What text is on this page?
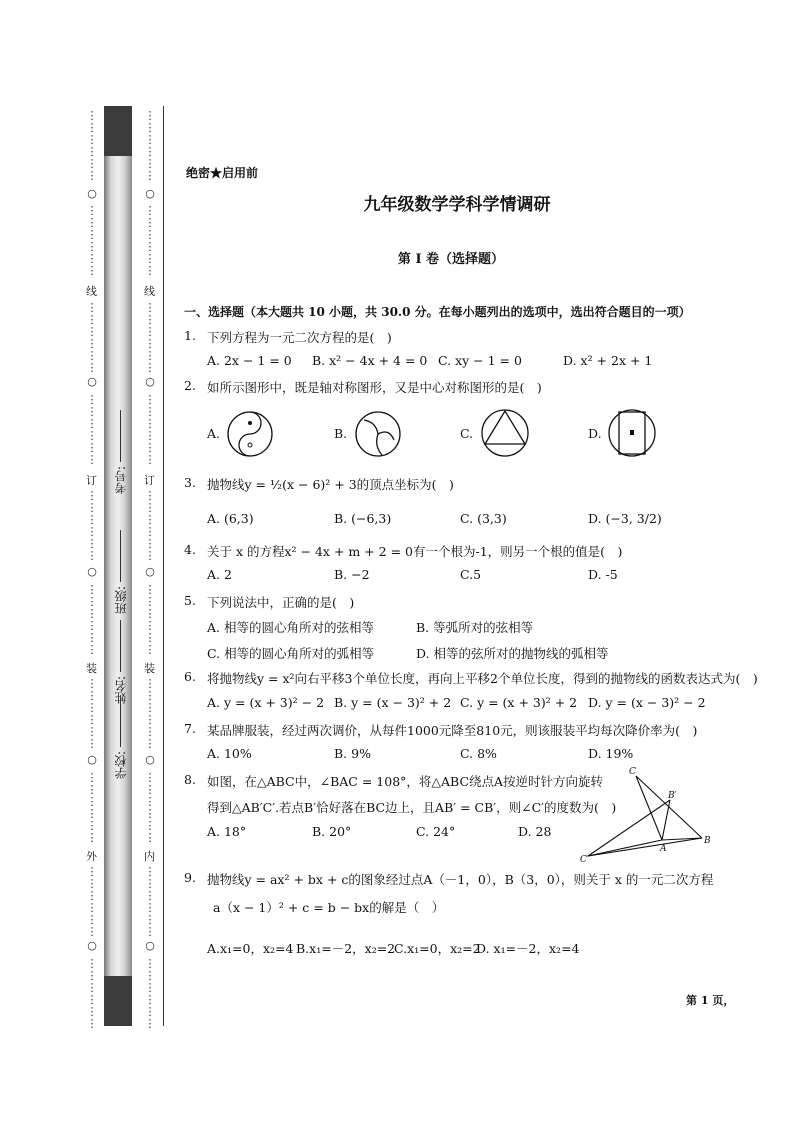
⋮
⋮
⋮
⋮
⋮
⋮
○
⋮
⋮
⋮
⋮
⋮
⋮
线
⋮
⋮
⋮
⋮
⋮
⋮
○
⋮
⋮
⋮
⋮
⋮
⋮
订
⋮
⋮
⋮
⋮
⋮
⋮
○
⋮
⋮
⋮
⋮
⋮
⋮
装
⋮
⋮
⋮
⋮
⋮
⋮
○
⋮
⋮
⋮
⋮
⋮
⋮
外
⋮
⋮
⋮
⋮
⋮
⋮
○
⋮
⋮
⋮
⋮
⋮
⋮
⋮
⋮
⋮
⋮
⋮
⋮
○
⋮
⋮
⋮
⋮
⋮
⋮
线
⋮
⋮
⋮
⋮
⋮
⋮
○
⋮
⋮
⋮
⋮
⋮
⋮
订
⋮
⋮
⋮
⋮
⋮
⋮
○
⋮
⋮
⋮
⋮
⋮
⋮
装
⋮
⋮
⋮
⋮
⋮
⋮
○
⋮
⋮
⋮
⋮
⋮
⋮
内
⋮
⋮
⋮
⋮
⋮
⋮
○
⋮
⋮
⋮
⋮
⋮
⋮
考号:
班级:
姓名:
学校:
绝密★启用前
九年级数学学科学情调研
第 I 卷（选择题）
一、选择题（本大题共 10 小题，共 30.0 分。在每小题列出的选项中，选出符合题目的一项）
1. 下列方程为一元二次方程的是(　)
A. 2x − 1 = 0 B. x² − 4x + 4 = 0 C. xy − 1 = 0	D. x² + 2x + 1
2. 如所示图形中，既是轴对称图形，又是中心对称图形的是(　)
A.	B.	C.	D.
3. 抛物线y = ½(x − 6)² + 3的顶点坐标为(　)
A. (6,3)	B. (−6,3)	C. (3,3)	D. (−3, 3/2)
4. 关于 x 的方程x² − 4x + m + 2 = 0有一个根为-1，则另一个根的值是(　)
A. 2	B. −2	C.5	D. -5
5. 下列说法中，正确的是(　)
A. 相等的圆心角所对的弦相等	B. 等弧所对的弦相等
C. 相等的圆心角所对的弧相等	D. 相等的弦所对的抛物线的弧相等
6. 将抛物线y = x²向右平移3个单位长度，再向上平移2个单位长度，得到的抛物线的函数表达式为(　)
A. y = (x + 3)² − 2 B. y = (x − 3)² + 2 C. y = (x + 3)² + 2 D. y = (x − 3)² − 2
7. 某品牌服装，经过两次调价，从每件1000元降至810元，则该服装平均每次降价率为(　)
A. 10%	B. 9%	C. 8%	D. 19%
8. 如图，在△ABC中，∠BAC = 108°，将△ABC绕点A按逆时针方向旋转
得到△AB′C′.若点B′恰好落在BC边上，且AB′ = CB′，则∠C′的度数为(　)
A. 18°	B. 20°	C. 24°	D. 28
C
B′
B
A
C′
9. 抛物线y = ax² + bx + c的图象经过点A（－1，0），B（3，0），则关于 x 的一元二次方程
a（x − 1）² + c = b − bx的解是（　）
A.x₁=0，x₂=4 B.x₁=－2，x₂=2
C.x₁=0，x₂=2
D. x₁=－2，x₂=4
第 1 页，
